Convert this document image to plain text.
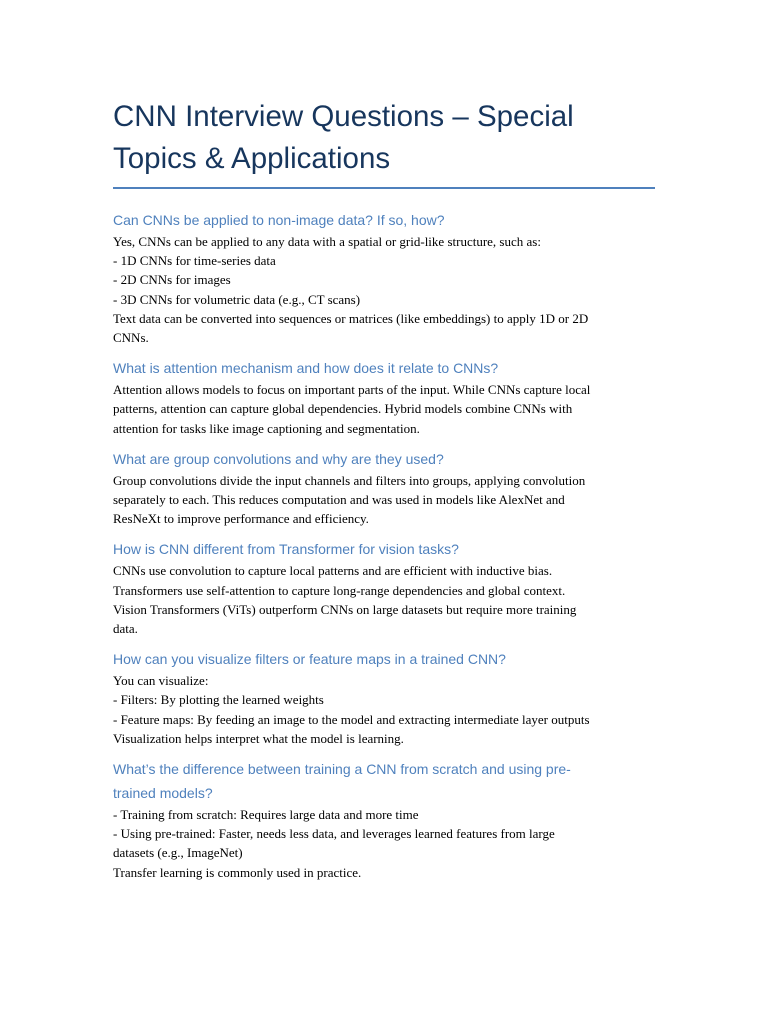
CNN Interview Questions – Special
Topics & Applications
Can CNNs be applied to non-image data? If so, how?

Yes, CNNs can be applied to any data with a spatial or grid-like structure, such as:
- 1D CNNs for time-series data
- 2D CNNs for images
- 3D CNNs for volumetric data (e.g., CT scans)
Text data can be converted into sequences or matrices (like embeddings) to apply 1D or 2D
CNNs.

What is attention mechanism and how does it relate to CNNs?

Attention allows models to focus on important parts of the input. While CNNs capture local
patterns, attention can capture global dependencies. Hybrid models combine CNNs with
attention for tasks like image captioning and segmentation.

What are group convolutions and why are they used?

Group convolutions divide the input channels and filters into groups, applying convolution
separately to each. This reduces computation and was used in models like AlexNet and
ResNeXt to improve performance and efficiency.

How is CNN different from Transformer for vision tasks?

CNNs use convolution to capture local patterns and are efficient with inductive bias.
Transformers use self-attention to capture long-range dependencies and global context.
Vision Transformers (ViTs) outperform CNNs on large datasets but require more training
data.

How can you visualize filters or feature maps in a trained CNN?

You can visualize:
- Filters: By plotting the learned weights
- Feature maps: By feeding an image to the model and extracting intermediate layer outputs
Visualization helps interpret what the model is learning.

What’s the difference between training a CNN from scratch and using pre-
trained models?

- Training from scratch: Requires large data and more time
- Using pre-trained: Faster, needs less data, and leverages learned features from large
datasets (e.g., ImageNet)
Transfer learning is commonly used in practice.
